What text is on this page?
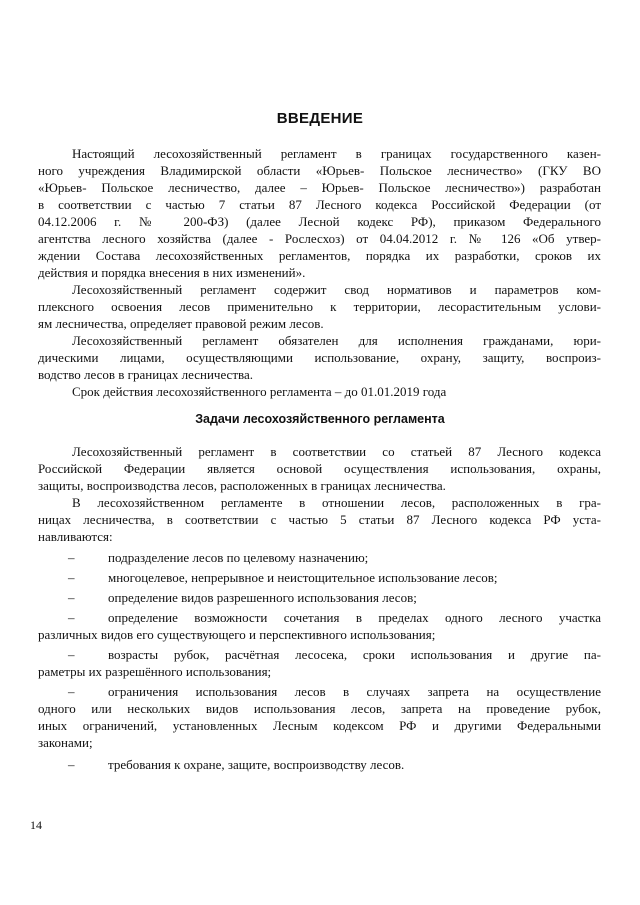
ВВЕДЕНИЕ
Настоящий лесохозяйственный регламент в границах государственного казен-
ного учреждения Владимирской области «Юрьев- Польское лесничество» (ГКУ ВО
«Юрьев- Польское лесничество, далее – Юрьев- Польское лесничество») разработан
в соответствии с частью 7 статьи 87 Лесного кодекса Российской Федерации (от
04.12.2006 г. № 200-ФЗ) (далее Лесной кодекс РФ), приказом Федерального
агентства лесного хозяйства (далее - Рослесхоз) от 04.04.2012 г. № 126 «Об утвер-
ждении Состава лесохозяйственных регламентов, порядка их разработки, сроков их
действия и порядка внесения в них изменений».
Лесохозяйственный регламент содержит свод нормативов и параметров ком-
плексного освоения лесов применительно к территории, лесорастительным услови-
ям лесничества, определяет правовой режим лесов.
Лесохозяйственный регламент обязателен для исполнения гражданами, юри-
дическими лицами, осуществляющими использование, охрану, защиту, воспроиз-
водство лесов в границах лесничества.
Срок действия лесохозяйственного регламента – до 01.01.2019 года
Задачи лесохозяйственного регламента
Лесохозяйственный регламент в соответствии со статьей 87 Лесного кодекса
Российской Федерации является основой осуществления использования, охраны,
защиты, воспроизводства лесов, расположенных в границах лесничества.
В лесохозяйственном регламенте в отношении лесов, расположенных в гра-
ницах лесничества, в соответствии с частью 5 статьи 87 Лесного кодекса РФ уста-
навливаются:
–	подразделение лесов по целевому назначению;
–	многоцелевое, непрерывное и неистощительное использование лесов;
–	определение видов разрешенного использования лесов;
–	определение возможности сочетания в пределах одного лесного участка
различных видов его существующего и перспективного использования;
–	возрасты рубок, расчётная лесосека, сроки использования и другие па-
раметры их разрешённого использования;
–	ограничения использования лесов в случаях запрета на осуществление
одного или нескольких видов использования лесов, запрета на проведение рубок,
иных ограничений, установленных Лесным кодексом РФ и другими Федеральными
законами;
–	требования к охране, защите, воспроизводству лесов.
14
